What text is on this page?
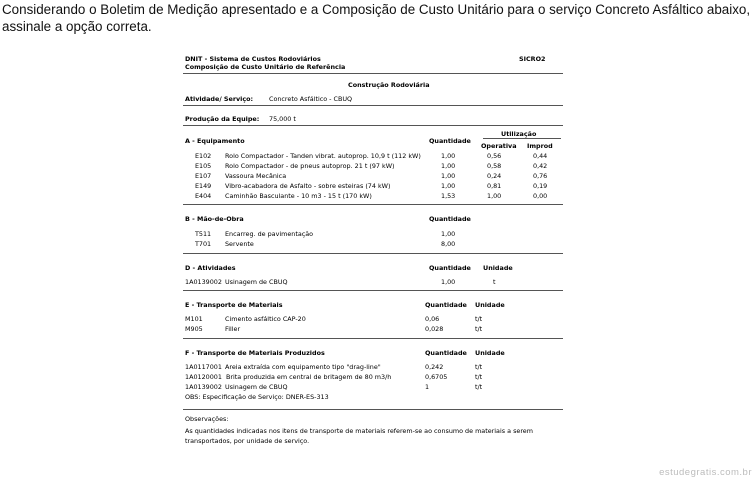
Considerando o Boletim de Medição apresentado e a Composição de Custo Unitário para o serviço Concreto Asfáltico abaixo, assinale a opção correta.
DNIT - Sistema de Custos Rodoviários
Composição de Custo Unitário de Referência
SICRO2
Construção Rodoviária
Atividade/ Serviço: Concreto Asfáltico - CBUQ
Produção da Equipe: 75,000 t
A - Equipamento	Quantidade
Utilização
Operativa Improd
E102 Rolo Compactador - Tanden vibrat. autoprop. 10,9 t (112 kW)	1,00	0,56	0,44
E105 Rolo Compactador - de pneus autoprop. 21 t (97 kW)	1,00	0,58	0,42
E107 Vassoura Mecânica	1,00	0,24	0,76
E149 Vibro-acabadora de Asfalto - sobre esteiras (74 kW)	1,00	0,81	0,19
E404 Caminhão Basculante - 10 m3 - 15 t (170 kW)	1,53	1,00	0,00
B - Mão-de-Obra	Quantidade
T511 Encarreg. de pavimentação	1,00
T701 Servente	8,00
D - Atividades	Quantidade Unidade
1A0139002 Usinagem de CBUQ	1,00	t
E - Transporte de Materiais	Quantidade Unidade
M101	Cimento asfáltico CAP-20	0,06	t/t
M905	Filler	0,028	t/t
F - Transporte de Materiais Produzidos	Quantidade Unidade
1A0117001 Areia extraída com equipamento tipo "drag-line"	0,242	t/t
1A0120001 Brita produzida em central de britagem de 80 m3/h	0,6705	t/t
1A0139002 Usinagem de CBUQ	1	t/t
OBS: Especificação de Serviço: DNER-ES-313
Observações:
As quantidades indicadas nos itens de transporte de materiais referem-se ao consumo de materiais a serem
transportados, por unidade de serviço.
estudegratis.com.br
